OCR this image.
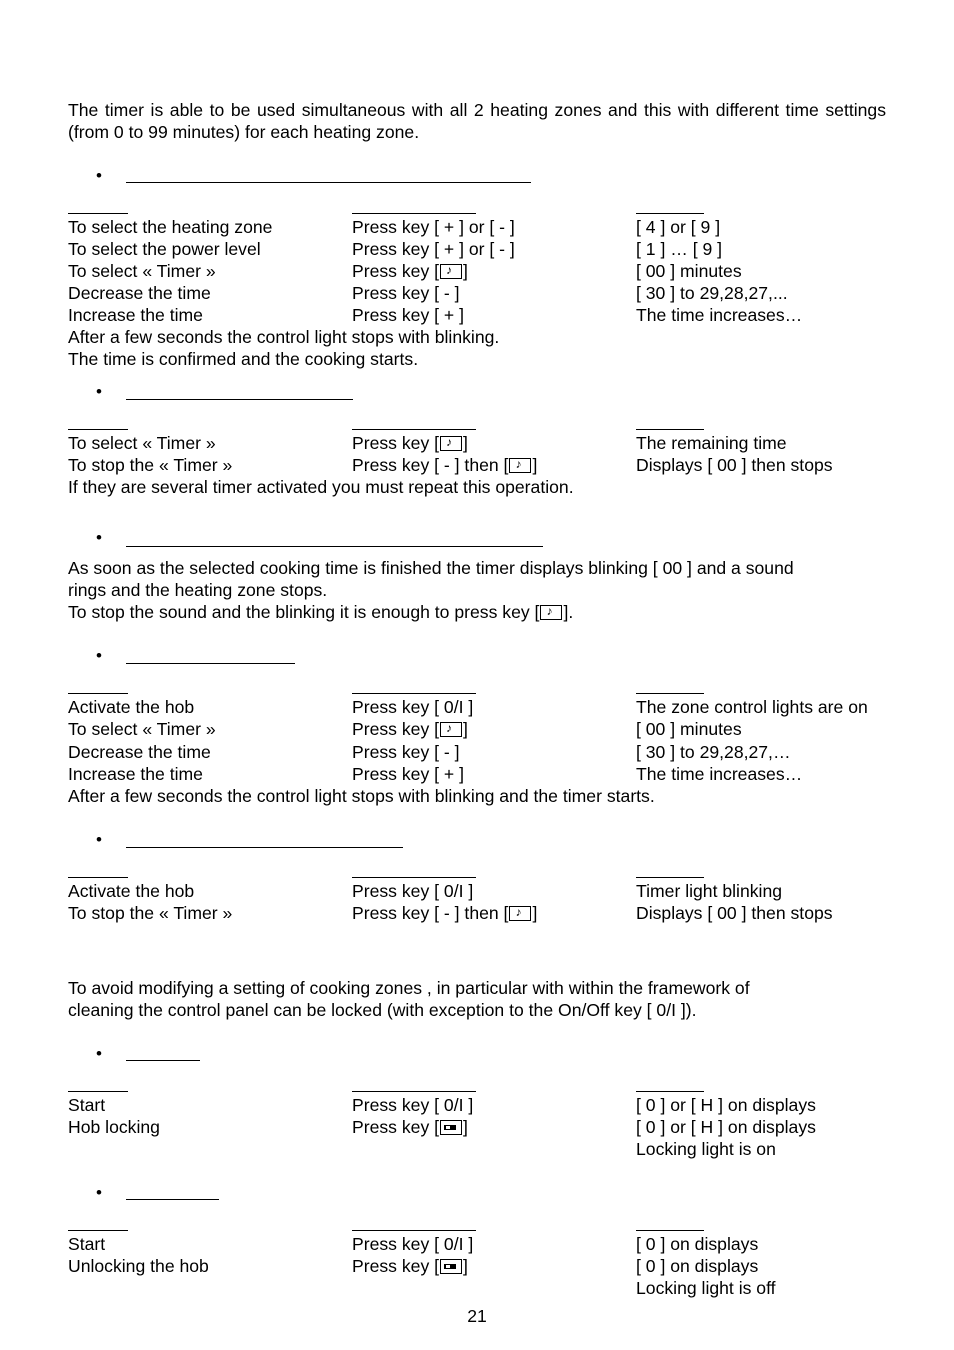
The timer is able to be used simultaneous with all 2 heating zones and this with different time settings (from 0 to 99 minutes) for each heating zone.
•
To select the heating zone	Press key [ + ] or [ - ]	[ 4 ] or [ 9 ]
To select the power level	Press key [ + ] or [ - ]	[ 1 ] … [ 9 ]
To select « Timer »	Press key [ ♪ ]	[ 00 ] minutes
Decrease the time	Press key [ - ]	[ 30 ] to 29,28,27,...
Increase the time	Press key [ + ]	The time increases…
After a few seconds the control light stops with blinking.
The time is confirmed and the cooking starts.
•
To select « Timer »	Press key [ ♪ ]	The remaining time
To stop the « Timer »	Press key [ - ] then [ ♪ ]	Displays [ 00 ] then stops
If they are several timer activated you must repeat this operation.
•
As soon as the selected cooking time is finished the timer displays blinking [ 00 ] and a sound
rings and the heating zone stops.
To stop the sound and the blinking it is enough to press key [ ♪ ].
•
Activate the hob	Press key [ 0/I ]	The zone control lights are on
To select « Timer »	Press key [ ♪ ]	[ 00 ] minutes
Decrease the time	Press key [ - ]	[ 30 ] to 29,28,27,…
Increase the time	Press key [ + ]	The time increases…
After a few seconds the control light stops with blinking and the timer starts.
•
Activate the hob	Press key [ 0/I ]	Timer light blinking
To stop the « Timer »	Press key [ - ] then [ ♪ ]	Displays [ 00 ] then stops
To avoid modifying a setting of cooking zones , in particular with within the framework of
cleaning the control panel can be locked (with exception to the On/Off key [ 0/I ]).
•
Start	Press key [ 0/I ]	[ 0 ] or [ H ] on displays
Hob locking	Press key [ ]	[ 0 ] or [ H ] on displays
Locking light is on
•
Start	Press key [ 0/I ]	[ 0 ] on displays
Unlocking the hob	Press key [ ]	[ 0 ] on displays
Locking light is off
21
